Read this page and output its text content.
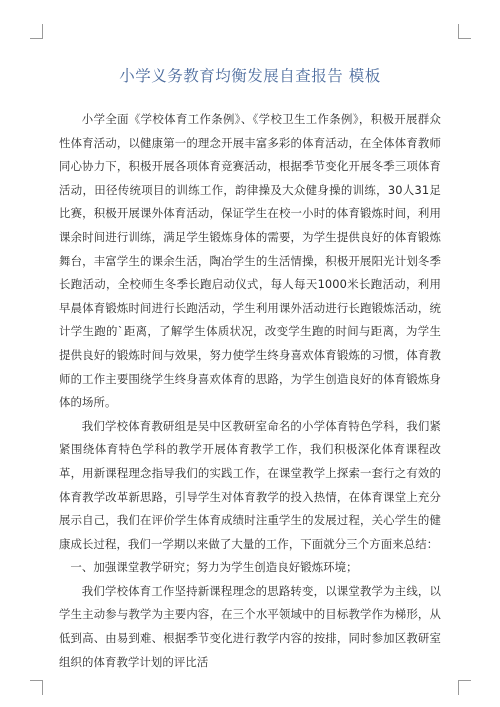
小学义务教育均衡发展自查报告 模板

小学全面《学校体育工作条例》、《学校卫生工作条例》，积极开展群众性体育活动，以健康第一的理念开展丰富多彩的体育活动，在全体体育教师同心协力下，积极开展各项体育竞赛活动，根据季节变化开展冬季三项体育活动，田径传统项目的训练工作，韵律操及大众健身操的训练，30人31足比赛，积极开展课外体育活动，保证学生在校一小时的体育锻炼时间，利用课余时间进行训练，满足学生锻炼身体的需要，为学生提供良好的体育锻炼舞台，丰富学生的课余生活，陶冶学生的生活情操，积极开展阳光计划冬季长跑活动，全校师生冬季长跑启动仪式，每人每天1000米长跑活动，利用早晨体育锻炼时间进行长跑活动，学生利用课外活动进行长跑锻炼活动，统计学生跑的`距离，了解学生体质状况，改变学生跑的时间与距离，为学生提供良好的锻炼时间与效果，努力使学生终身喜欢体育锻炼的习惯，体育教师的工作主要围绕学生终身喜欢体育的思路，为学生创造良好的体育锻炼身体的场所。

我们学校体育教研组是吴中区教研室命名的小学体育特色学科，我们紧紧围绕体育特色学科的教学开展体育教学工作，我们积极深化体育课程改革，用新课程理念指导我们的实践工作，在课堂教学上探索一套行之有效的体育教学改革新思路，引导学生对体育教学的投入热情，在体育课堂上充分展示自己，我们在评价学生体育成绩时注重学生的发展过程，关心学生的健康成长过程，我们一学期以来做了大量的工作，下面就分三个方面来总结：

一、加强课堂教学研究；努力为学生创造良好锻炼环境；

我们学校体育工作坚持新课程理念的思路转变，以课堂教学为主线，以学生主动参与教学为主要内容，在三个水平领域中的目标教学作为梯形，从低到高、由易到难、根据季节变化进行教学内容的按排，同时参加区教研室组织的体育教学计划的评比活
